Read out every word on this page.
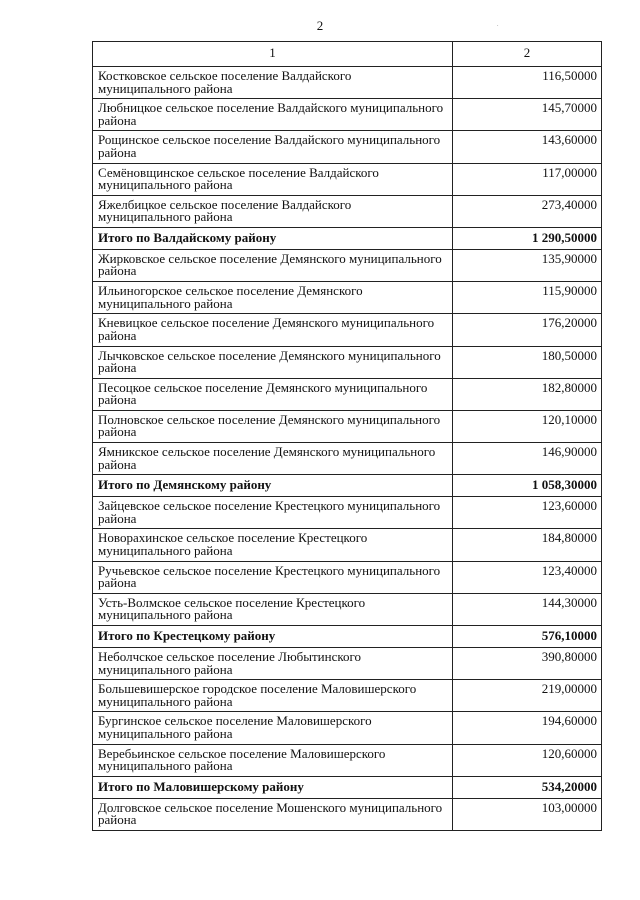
2	.
1	2
Костковское сельское поселение Валдайского муниципального района	116,50000
Любницкое сельское поселение Валдайского муниципального района	145,70000
Рощинское сельское поселение Валдайского муниципального района	143,60000
Семёновщинское сельское поселение Валдайского муниципального района	117,00000
Яжелбицкое сельское поселение Валдайского муниципального района	273,40000
Итого по Валдайскому району	1 290,50000
Жирковское сельское поселение Демянского муниципального района	135,90000
Ильиногорское сельское поселение Демянского муниципального района	115,90000
Кневицкое сельское поселение Демянского муниципального района	176,20000
Лычковское сельское поселение Демянского муниципального района	180,50000
Песоцкое сельское поселение Демянского муниципального района	182,80000
Полновское сельское поселение Демянского муниципального района	120,10000
Ямникское сельское поселение Демянского муниципального района	146,90000
Итого по Демянскому району	1 058,30000
Зайцевское сельское поселение Крестецкого муниципального района	123,60000
Новорахинское сельское поселение Крестецкого муниципального района	184,80000
Ручьевское сельское поселение Крестецкого муниципального района	123,40000
Усть-Волмское сельское поселение Крестецкого муниципального района	144,30000
Итого по Крестецкому району	576,10000
Неболчское сельское поселение Любытинского муниципального района	390,80000
Большевишерское городское поселение Маловишерского муниципального района	219,00000
Бургинское сельское поселение Маловишерского муниципального района	194,60000
Веребьинское сельское поселение Маловишерского муниципального района	120,60000
Итого по Маловишерскому району	534,20000
Долговское сельское поселение Мошенского муниципального района	103,00000
